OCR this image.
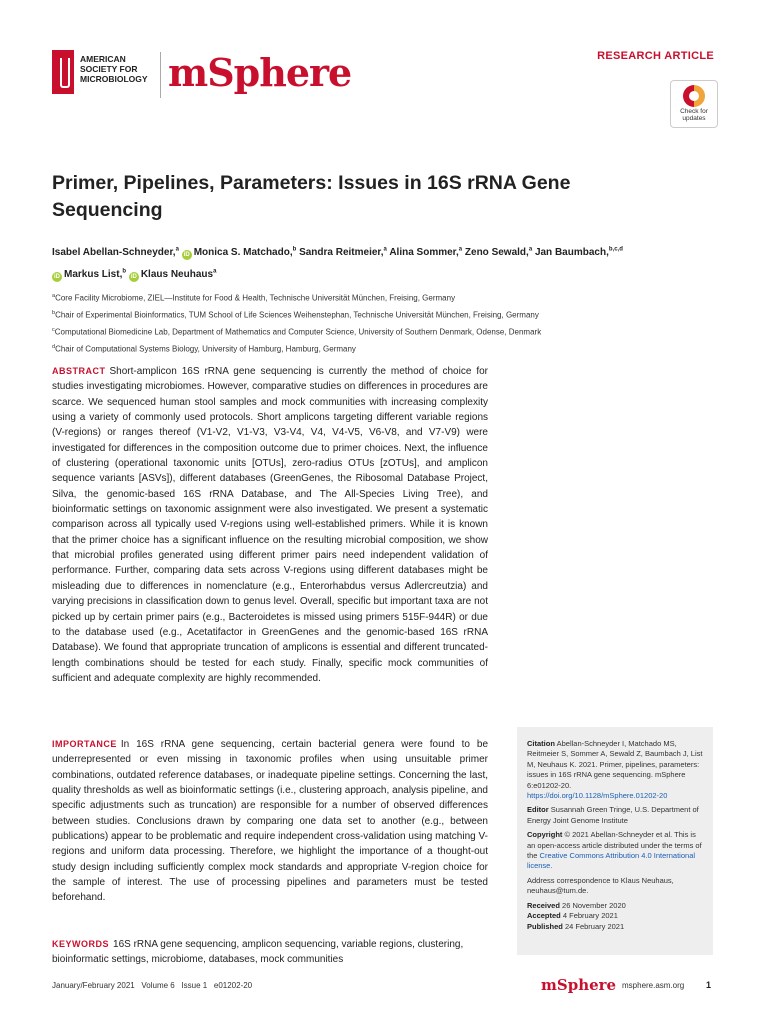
AMERICAN
SOCIETY FOR
MICROBIOLOGY mSphere	RESEARCH ARTICLE
Check for updates
Primer, Pipelines, Parameters: Issues in 16S rRNA Gene Sequencing
Isabel Abellan-Schneyder,$^a$ iD Monica S. Matchado,$^b$ Sandra Reitmeier,$^a$ Alina Sommer,$^a$ Zeno Sewald,$^a$ Jan Baumbach,$^{b,c,d}$
iD Markus List,$^b$ iD Klaus Neuhaus$^a$
$^a$Core Facility Microbiome, ZIEL—Institute for Food & Health, Technische Universität München, Freising, Germany
$^b$Chair of Experimental Bioinformatics, TUM School of Life Sciences Weihenstephan, Technische Universität München, Freising, Germany
$^c$Computational Biomedicine Lab, Department of Mathematics and Computer Science, University of Southern Denmark, Odense, Denmark
$^d$Chair of Computational Systems Biology, University of Hamburg, Hamburg, Germany
ABSTRACT Short-amplicon 16S rRNA gene sequencing is currently the method of choice for studies investigating microbiomes. However, comparative studies on differences in procedures are scarce. We sequenced human stool samples and mock communities with increasing complexity using a variety of commonly used protocols. Short amplicons targeting different variable regions (V-regions) or ranges thereof (V1-V2, V1-V3, V3-V4, V4, V4-V5, V6-V8, and V7-V9) were investigated for differences in the composition outcome due to primer choices. Next, the influence of clustering (operational taxonomic units [OTUs], zero-radius OTUs [zOTUs], and amplicon sequence variants [ASVs]), different databases (GreenGenes, the Ribosomal Database Project, Silva, the genomic-based 16S rRNA Database, and The All-Species Living Tree), and bioinformatic settings on taxonomic assignment were also investigated. We present a systematic comparison across all typically used V-regions using well-established primers. While it is known that the primer choice has a significant influence on the resulting microbial composition, we show that microbial profiles generated using different primer pairs need independent validation of performance. Further, comparing data sets across V-regions using different databases might be misleading due to differences in nomenclature (e.g., Enterorhabdus versus Adlercreutzia) and varying precisions in classification down to genus level. Overall, specific but important taxa are not picked up by certain primer pairs (e.g., Bacteroidetes is missed using primers 515F-944R) or due to the database used (e.g., Acetatifactor in GreenGenes and the genomic-based 16S rRNA Database). We found that appropriate truncation of amplicons is essential and different truncated-length combinations should be tested for each study. Finally, specific mock communities of sufficient and adequate complexity are highly recommended.
IMPORTANCE In 16S rRNA gene sequencing, certain bacterial genera were found to be underrepresented or even missing in taxonomic profiles when using unsuitable primer combinations, outdated reference databases, or inadequate pipeline settings. Concerning the last, quality thresholds as well as bioinformatic settings (i.e., clustering approach, analysis pipeline, and specific adjustments such as truncation) are responsible for a number of observed differences between studies. Conclusions drawn by comparing one data set to another (e.g., between publications) appear to be problematic and require independent cross-validation using matching V-regions and uniform data processing. Therefore, we highlight the importance of a thought-out study design including sufficiently complex mock standards and appropriate V-region choice for the sample of interest. The use of processing pipelines and parameters must be tested beforehand.
KEYWORDS 16S rRNA gene sequencing, amplicon sequencing, variable regions, clustering, bioinformatic settings, microbiome, databases, mock communities

Citation Abellan-Schneyder I, Matchado MS, Reitmeier S, Sommer A, Sewald Z, Baumbach J, List M, Neuhaus K. 2021. Primer, pipelines, parameters: issues in 16S rRNA gene sequencing. mSphere 6:e01202-20. https://doi.org/10.1128/mSphere.01202-20

Editor Susannah Green Tringe, U.S. Department of Energy Joint Genome Institute

Copyright © 2021 Abellan-Schneyder et al. This is an open-access article distributed under the terms of the Creative Commons Attribution 4.0 International license.

Address correspondence to Klaus Neuhaus, neuhaus@tum.de.

Received 26 November 2020

Accepted 4 February 2021

Published 24 February 2021

January/February 2021   Volume 6   Issue 1   e01202-20	mSphere msphere.asm.org 1
